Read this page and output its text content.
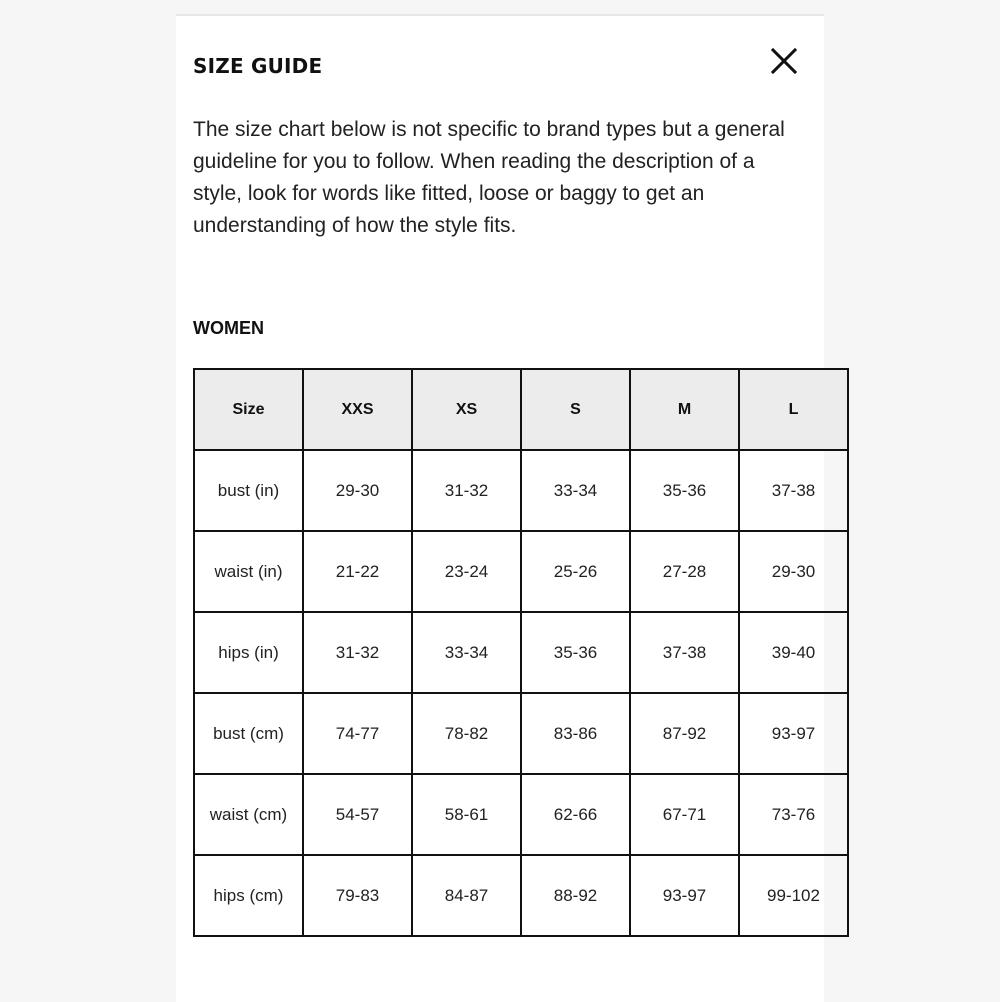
SIZE GUIDE
The size chart below is not specific to brand types but a general guideline for you to follow. When reading the description of a style, look for words like fitted, loose or baggy to get an understanding of how the style fits.
WOMEN
Size	XXS	XS	S	M	L
bust (in)	29-30	31-32	33-34	35-36	37-38
waist (in)	21-22	23-24	25-26	27-28	29-30
hips (in)	31-32	33-34	35-36	37-38	39-40
bust (cm)	74-77	78-82	83-86	87-92	93-97
waist (cm)	54-57	58-61	62-66	67-71	73-76
hips (cm)	79-83	84-87	88-92	93-97	99-102
